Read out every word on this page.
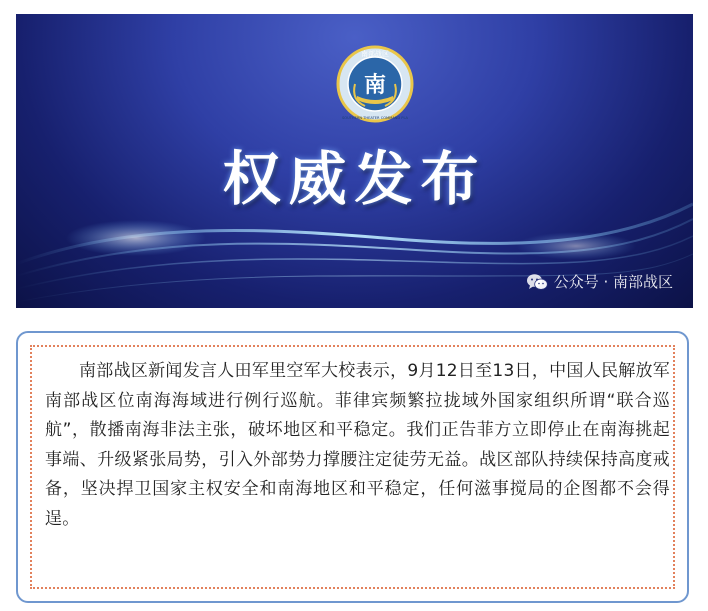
南
南部战区
SOUTHERN THEATER COMMAND PLA
权威发布
公众号 · 南部战区

南部战区新闻发言人田军里空军大校表示，9月12日至13日，中国人民解放军南部战区位南海海域进行例行巡航。菲律宾频繁拉拢域外国家组织所谓“联合巡航”，散播南海非法主张，破坏地区和平稳定。我们正告菲方立即停止在南海挑起事端、升级紧张局势，引入外部势力撑腰注定徒劳无益。战区部队持续保持高度戒备，坚决捍卫国家主权安全和南海地区和平稳定，任何滋事搅局的企图都不会得逞。
